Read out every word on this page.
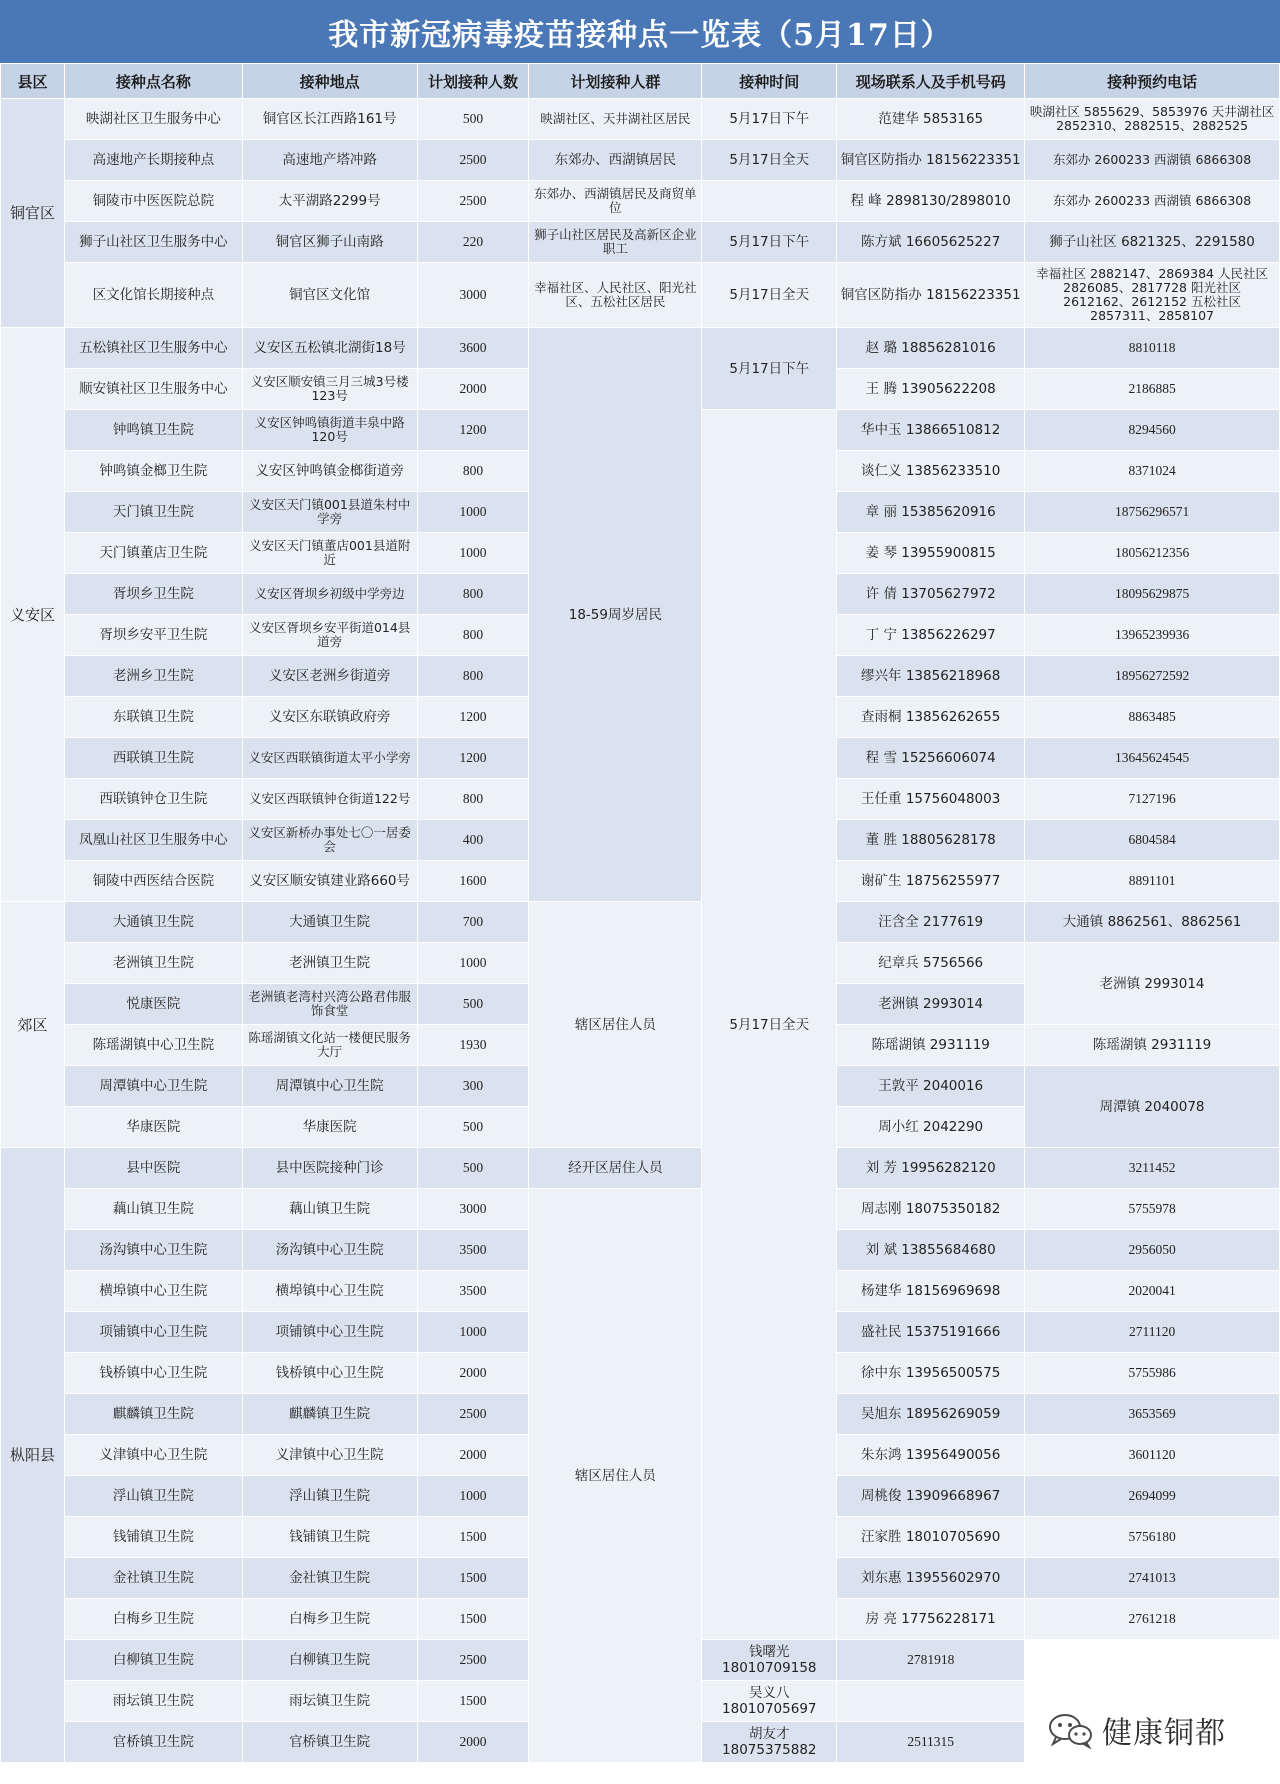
我市新冠病毒疫苗接种点一览表（5月17日）
县区	接种点名称	接种地点	计划接种人数	计划接种人群	接种时间	现场联系人及手机号码	接种预约电话
铜官区	映湖社区卫生服务中心	铜官区长江西路161号	500	映湖社区、天井湖社区居民	5月17日下午	范建华 5853165	映湖社区 5855629、5853976 天井湖社区 2852310、2882515、2882525
	高速地产长期接种点	高速地产塔冲路	2500	东郊办、西湖镇居民	5月17日全天	铜官区防指办 18156223351	东郊办 2600233 西湖镇 6866308
	铜陵市中医医院总院	太平湖路2299号	2500	东郊办、西湖镇居民及商贸单位		程 峰 2898130/2898010	东郊办 2600233 西湖镇 6866308
	狮子山社区卫生服务中心	铜官区狮子山南路	220	狮子山社区居民及高新区企业职工	5月17日下午	陈方斌 16605625227	狮子山社区 6821325、2291580
	区文化馆长期接种点	铜官区文化馆	3000	幸福社区、人民社区、阳光社区、五松社区居民	5月17日全天	铜官区防指办 18156223351	幸福社区 2882147、2869384 人民社区 2826085、2817728 阳光社区 2612162、2612152 五松社区 2857311、2858107
义安区	五松镇社区卫生服务中心	义安区五松镇北湖街18号	3600	18-59周岁居民	5月17日下午	赵 璐 18856281016	8810118
	顺安镇社区卫生服务中心	义安区顺安镇三月三城3号楼123号	2000			王 腾 13905622208	2186885
	钟鸣镇卫生院	义安区钟鸣镇街道丰泉中路120号	1200		5月17日全天	华中玉 13866510812	8294560
	钟鸣镇金榔卫生院	义安区钟鸣镇金榔街道旁	800			谈仁义 13856233510	8371024
	天门镇卫生院	义安区天门镇001县道朱村中学旁	1000			章 丽 15385620916	18756296571
	天门镇董店卫生院	义安区天门镇董店001县道附近	1000			姜 琴 13955900815	18056212356
	胥坝乡卫生院	义安区胥坝乡初级中学旁边	800			许 倩 13705627972	18095629875
	胥坝乡安平卫生院	义安区胥坝乡安平街道014县道旁	800			丁 宁 13856226297	13965239936
	老洲乡卫生院	义安区老洲乡街道旁	800			缪兴年 13856218968	18956272592
	东联镇卫生院	义安区东联镇政府旁	1200			查雨桐 13856262655	8863485
	西联镇卫生院	义安区西联镇街道太平小学旁	1200			程 雪 15256606074	13645624545
	西联镇钟仓卫生院	义安区西联镇钟仓街道122号	800			王任重 15756048003	7127196
	凤凰山社区卫生服务中心	义安区新桥办事处七〇一居委会	400			董 胜 18805628178	6804584
	铜陵中西医结合医院	义安区顺安镇建业路660号	1600			谢矿生 18756255977	8891101
郊区	大通镇卫生院	大通镇卫生院	700	辖区居住人员		汪含全 2177619	大通镇 8862561、8862561
	老洲镇卫生院	老洲镇卫生院	1000			纪章兵 5756566	老洲镇 2993014
	悦康医院	老洲镇老湾村兴湾公路君伟服饰食堂	500			老洲镇 2993014	
	陈瑶湖镇中心卫生院	陈瑶湖镇文化站一楼便民服务大厅	1930			陈瑶湖镇 2931119	陈瑶湖镇 2931119
	周潭镇中心卫生院	周潭镇中心卫生院	300			王敦平 2040016	周潭镇 2040078
	华康医院	华康医院	500			周小红 2042290	
枞阳县	县中医院	县中医院接种门诊	500	经开区居住人员		刘 芳 19956282120	3211452
	藕山镇卫生院	藕山镇卫生院	3000	辖区居住人员		周志刚 18075350182	5755978
	汤沟镇中心卫生院	汤沟镇中心卫生院	3500			刘 斌 13855684680	2956050
	横埠镇中心卫生院	横埠镇中心卫生院	3500			杨建华 18156969698	2020041
	项铺镇中心卫生院	项铺镇中心卫生院	1000			盛社民 15375191666	2711120
	钱桥镇中心卫生院	钱桥镇中心卫生院	2000			徐中东 13956500575	5755986
	麒麟镇卫生院	麒麟镇卫生院	2500			吴旭东 18956269059	3653569
	义津镇中心卫生院	义津镇中心卫生院	2000			朱东鸿 13956490056	3601120
	浮山镇卫生院	浮山镇卫生院	1000			周桃俊 13909668967	2694099
	钱铺镇卫生院	钱铺镇卫生院	1500			汪家胜 18010705690	5756180
	金社镇卫生院	金社镇卫生院	1500			刘东惠 13955602970	2741013
	白梅乡卫生院	白梅乡卫生院	1500			房 亮 17756228171	2761218
	白柳镇卫生院	白柳镇卫生院	2500		钱曙光 18010709158	2781918	
	雨坛镇卫生院	雨坛镇卫生院	1500		吴义八 18010705697		
	官桥镇卫生院	官桥镇卫生院	2000		胡友才 18075375882	2511315		健康铜都
